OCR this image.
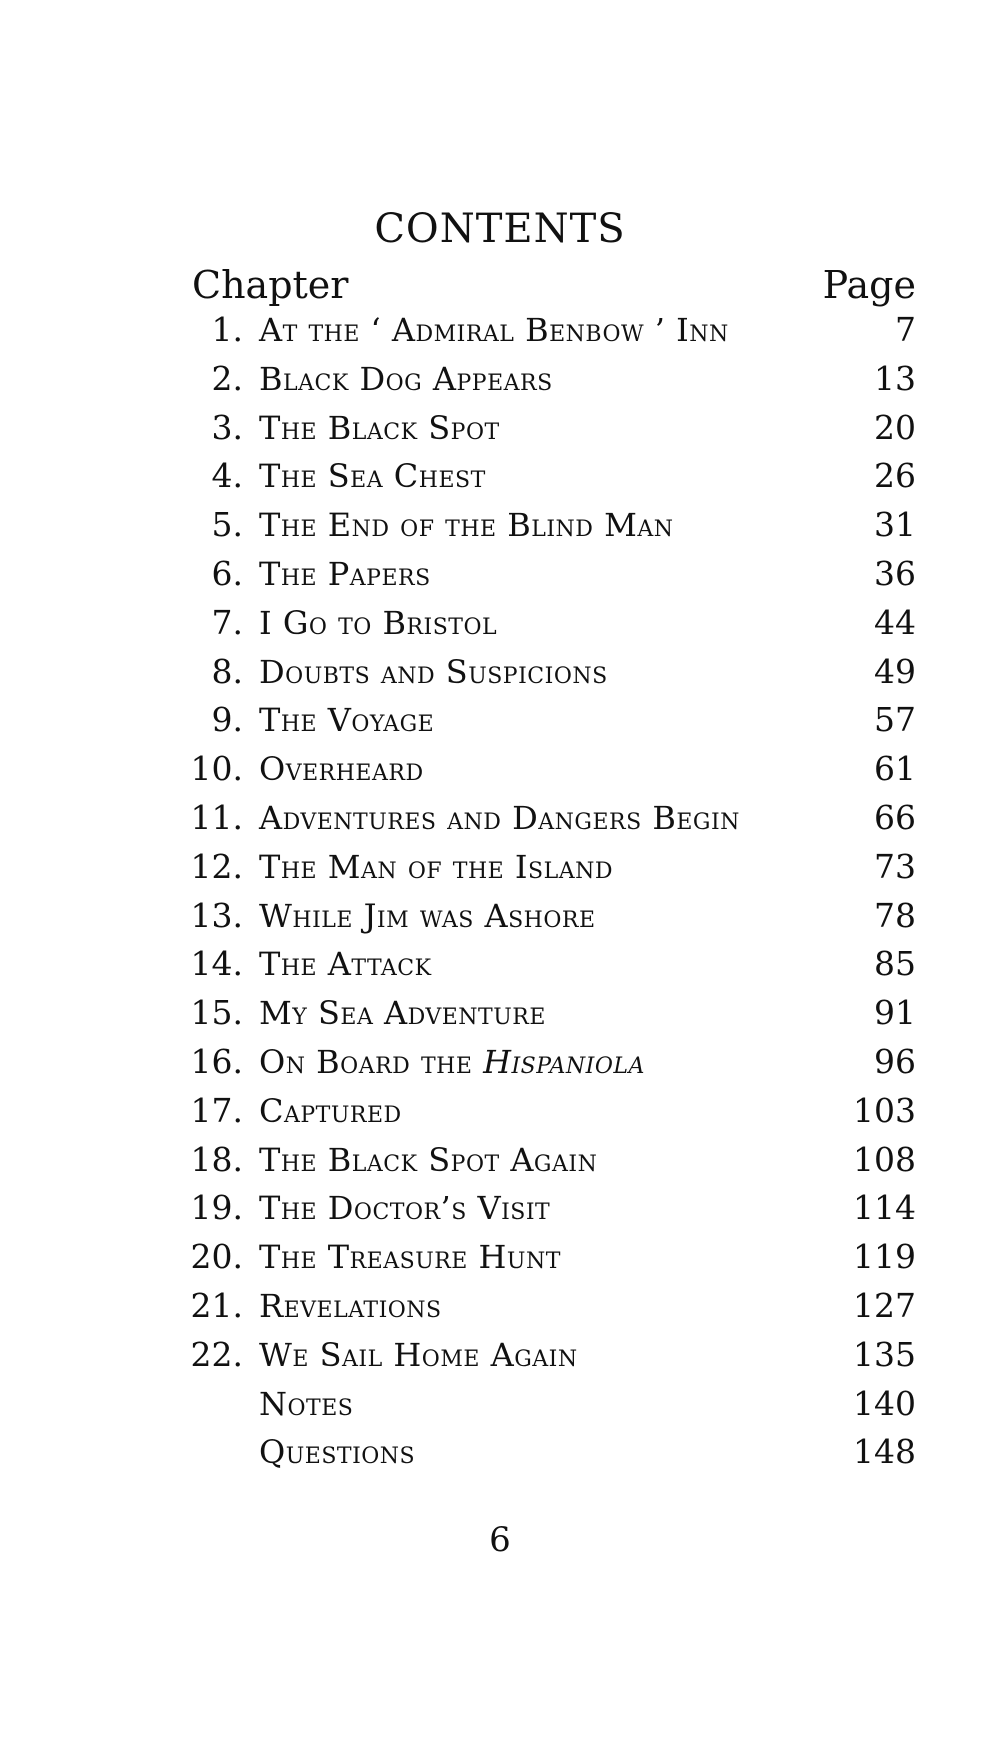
CONTENTS
Chapter	Page
1. At the ‘ Admiral Benbow ’ Inn	7
2. Black Dog Appears	13
3. The Black Spot	20
4. The Sea Chest	26
5. The End of the Blind Man	31
6. The Papers	36
7. I Go to Bristol	44
8. Doubts and Suspicions	49
9. The Voyage	57
10. Overheard	61
11. Adventures and Dangers Begin	66
12. The Man of the Island	73
13. While Jim was Ashore	78
14. The Attack	85
15. My Sea Adventure	91
16. On Board the Hispaniola	96
17. Captured	103
18. The Black Spot Again	108
19. The Doctor’s Visit	114
20. The Treasure Hunt	119
21. Revelations	127
22. We Sail Home Again	135
Notes	140
Questions	148
6
